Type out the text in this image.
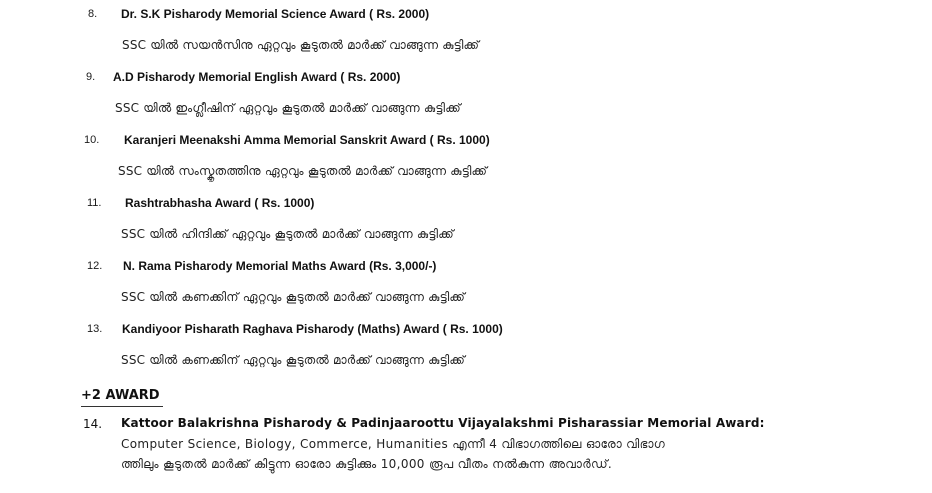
8. Dr. S.K Pisharody Memorial Science Award ( Rs. 2000)
SSC യിൽ സയൻസിനു ഏറ്റവും കൂടുതൽ മാർക്ക് വാങ്ങുന്ന കുട്ടിക്ക്
9. A.D Pisharody Memorial English Award ( Rs. 2000)
SSC യിൽ ഇംഗ്ലീഷിന് ഏറ്റവും കൂടുതൽ മാർക്ക് വാങ്ങുന്ന കുട്ടിക്ക്
10. Karanjeri Meenakshi Amma Memorial Sanskrit Award ( Rs. 1000)
SSC യിൽ സംസ്കൃതത്തിനു ഏറ്റവും കൂടുതൽ മാർക്ക് വാങ്ങുന്ന കുട്ടിക്ക്
11. Rashtrabhasha Award ( Rs. 1000)
SSC യിൽ ഹിന്ദിക്ക് ഏറ്റവും കൂടുതൽ മാർക്ക് വാങ്ങുന്ന കുട്ടിക്ക്
12. N. Rama Pisharody Memorial Maths Award (Rs. 3,000/-)
SSC യിൽ കണക്കിന് ഏറ്റവും കൂടുതൽ മാർക്ക് വാങ്ങുന്ന കുട്ടിക്ക്
13. Kandiyoor Pisharath Raghava Pisharody (Maths) Award ( Rs. 1000)
SSC യിൽ കണക്കിന് ഏറ്റവും കൂടുതൽ മാർക്ക് വാങ്ങുന്ന കുട്ടിക്ക്
+2 AWARD
14. Kattoor Balakrishna Pisharody & Padinjaaroottu Vijayalakshmi Pisharassiar Memorial Award:
Computer Science, Biology, Commerce, Humanities എന്നീ 4 വിഭാഗത്തിലെ ഓരോ വിഭാഗ
ത്തിലും കൂടുതൽ മാർക്ക് കിട്ടുന്ന ഓരോ കുട്ടിക്കും 10,000 രൂപ വീതം നൽകുന്ന അവാർഡ്.
